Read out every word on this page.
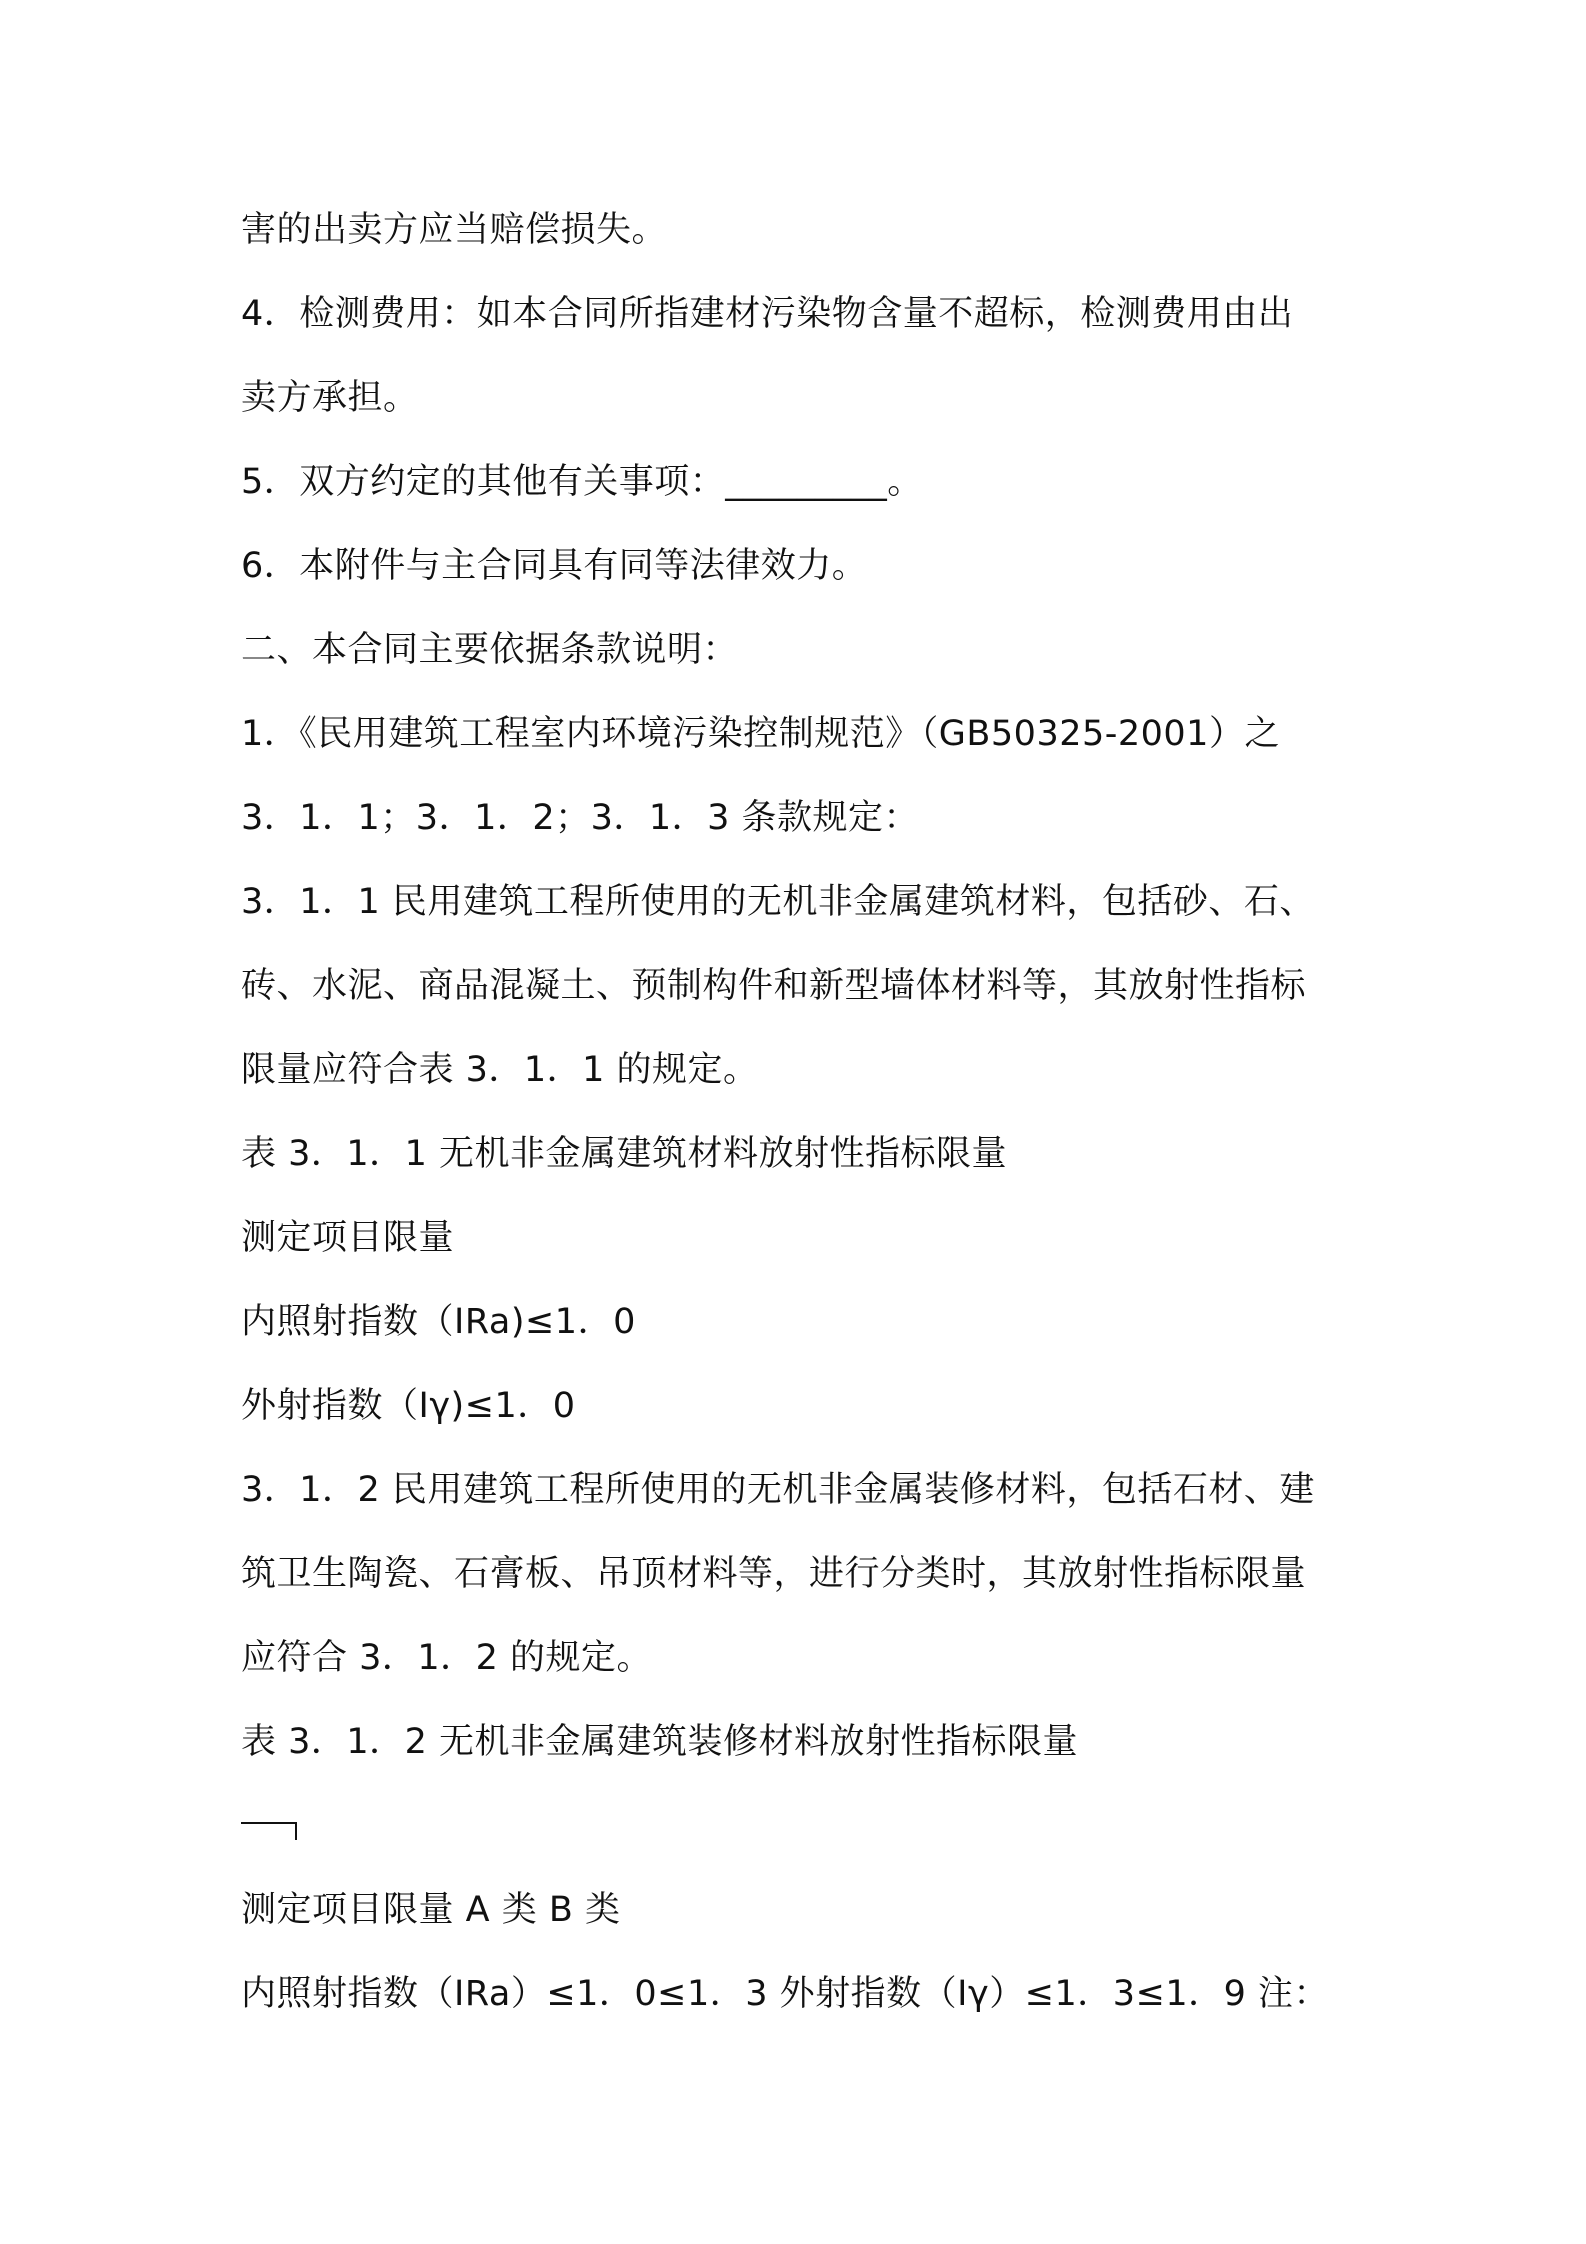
害的出卖方应当赔偿损失。
4．检测费用：如本合同所指建材污染物含量不超标，检测费用由出
卖方承担。
5．双方约定的其他有关事项：_________。
6．本附件与主合同具有同等法律效力。
二、本合同主要依据条款说明：
1．《民用建筑工程室内环境污染控制规范》（GB50325-2001）之
3．1．1；3．1．2；3．1．3 条款规定：
3．1．1 民用建筑工程所使用的无机非金属建筑材料，包括砂、石、
砖、水泥、商品混凝土、预制构件和新型墙体材料等，其放射性指标
限量应符合表 3．1．1 的规定。
表 3．1．1 无机非金属建筑材料放射性指标限量
测定项目限量
内照射指数（IRa)≤1．0
外射指数（Iγ)≤1．0
3．1．2 民用建筑工程所使用的无机非金属装修材料，包括石材、建
筑卫生陶瓷、石膏板、吊顶材料等，进行分类时，其放射性指标限量
应符合 3．1．2 的规定。
表 3．1．2 无机非金属建筑装修材料放射性指标限量
测定项目限量 A 类 B 类
内照射指数（IRa）≤1．0≤1．3 外射指数（Iγ）≤1．3≤1．9 注：
